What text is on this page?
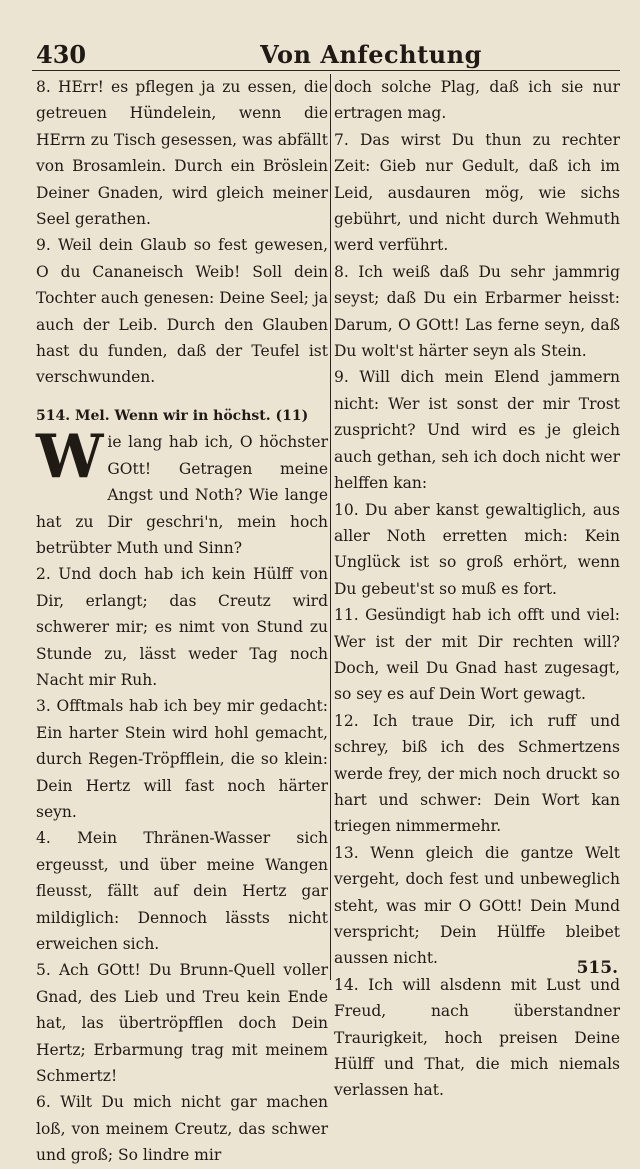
430	Von Anfechtung

8. HErr! es pflegen ja zu essen, die getreuen Hündelein, wenn die HErrn zu Tisch gesessen, was abfällt von Brosamlein. Durch ein Bröslein Deiner Gnaden, wird gleich meiner Seel gerathen.

9. Weil dein Glaub so fest gewesen, O du Cananeisch Weib! Soll dein Tochter auch genesen: Deine Seel; ja auch der Leib. Durch den Glauben hast du funden, daß der Teufel ist verschwunden.

514. Mel. Wenn wir in höchst. (11)

Wie lang hab ich, O höchster GOtt! Getragen meine Angst und Noth? Wie lange hat zu Dir geschri'n, mein hoch betrübter Muth und Sinn?

2. Und doch hab ich kein Hülff von Dir, erlangt; das Creutz wird schwerer mir; es nimt von Stund zu Stunde zu, lässt weder Tag noch Nacht mir Ruh.

3. Offtmals hab ich bey mir gedacht: Ein harter Stein wird hohl gemacht, durch Regen-Tröpfflein, die so klein: Dein Hertz will fast noch härter seyn.

4. Mein Thränen-Wasser sich ergeusst, und über meine Wangen fleusst, fällt auf dein Hertz gar mildiglich: Dennoch lässts nicht erweichen sich.

5. Ach GOtt! Du Brunn-Quell voller Gnad, des Lieb und Treu kein Ende hat, las übertröpfflen doch Dein Hertz; Erbarmung trag mit meinem Schmertz!

6. Wilt Du mich nicht gar machen loß, von meinem Creutz, das schwer und groß; So lindre mir

doch solche Plag, daß ich sie nur ertragen mag.

7. Das wirst Du thun zu rechter Zeit: Gieb nur Gedult, daß ich im Leid, ausdauren mög, wie sichs gebührt, und nicht durch Wehmuth werd verführt.

8. Ich weiß daß Du sehr jammrig seyst; daß Du ein Erbarmer heisst: Darum, O GOtt! Las ferne seyn, daß Du wolt'st härter seyn als Stein.

9. Will dich mein Elend jammern nicht: Wer ist sonst der mir Trost zuspricht? Und wird es je gleich auch gethan, seh ich doch nicht wer helffen kan:

10. Du aber kanst gewaltiglich, aus aller Noth erretten mich: Kein Unglück ist so groß erhört, wenn Du gebeut'st so muß es fort.

11. Gesündigt hab ich offt und viel: Wer ist der mit Dir rechten will? Doch, weil Du Gnad hast zugesagt, so sey es auf Dein Wort gewagt.

12. Ich traue Dir, ich ruff und schrey, biß ich des Schmertzens werde frey, der mich noch druckt so hart und schwer: Dein Wort kan triegen nimmermehr.

13. Wenn gleich die gantze Welt vergeht, doch fest und unbeweglich steht, was mir O GOtt! Dein Mund verspricht; Dein Hülffe bleibet aussen nicht.

14. Ich will alsdenn mit Lust und Freud, nach überstandner Traurigkeit, hoch preisen Deine Hülff und That, die mich niemals verlassen hat.

515.
